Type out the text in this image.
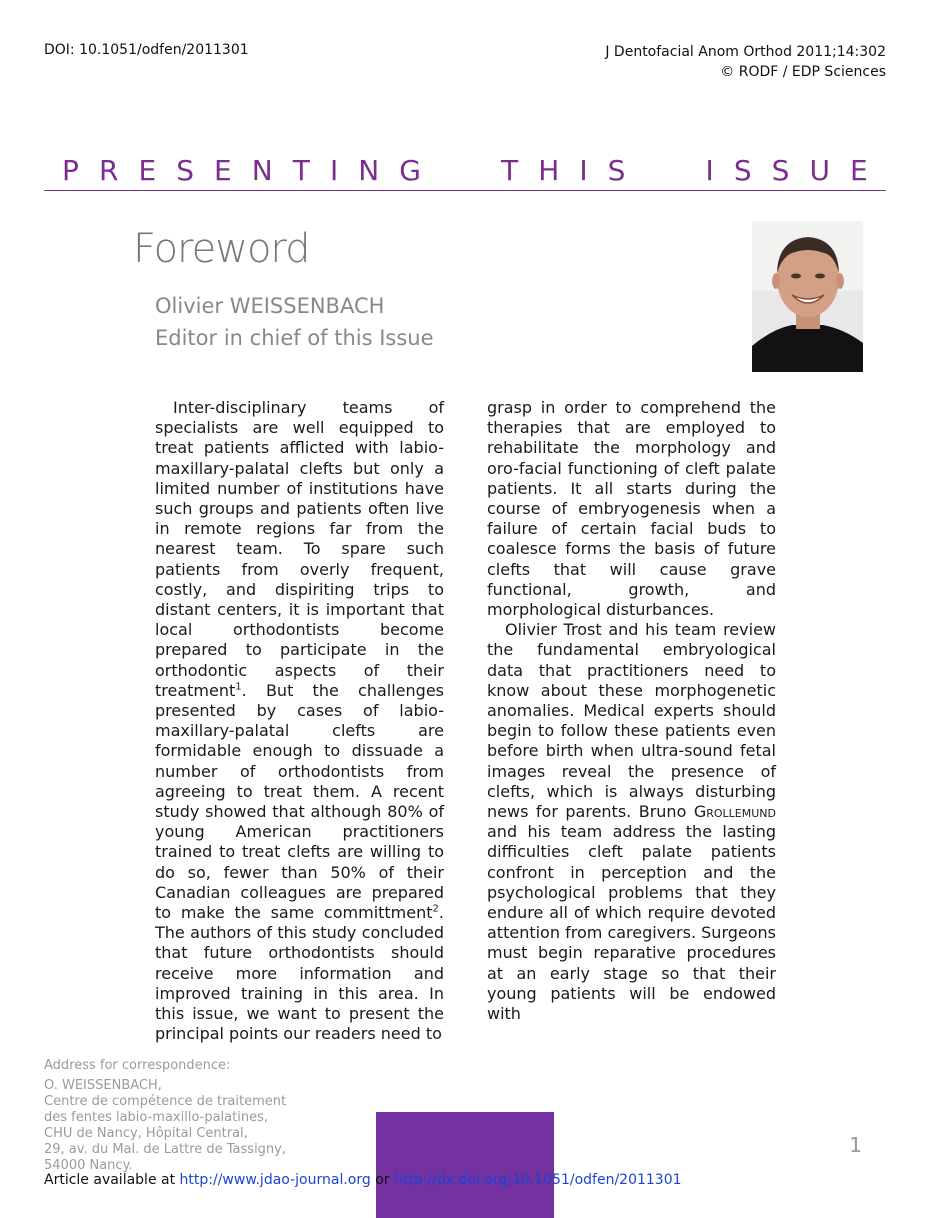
DOI: 10.1051/odfen/2011301	J Dentofacial Anom Orthod 2011;14:302
© RODF / EDP Sciences
P R E S E N T I N G	T H I S	I S S U E
Foreword
Olivier WEISSENBACH
Editor in chief of this Issue

Inter-disciplinary teams of specialists are well equipped to treat patients afflicted with labio-maxillary-palatal clefts but only a limited number of institutions have such groups and patients often live in remote regions far from the nearest team. To spare such patients from overly frequent, costly, and dispiriting trips to distant centers, it is important that local orthodontists become prepared to participate in the orthodontic aspects of their treatment$^1$. But the challenges presented by cases of labio-maxillary-palatal clefts are formidable enough to dissuade a number of orthodontists from agreeing to treat them. A recent study showed that although 80% of young American practitioners trained to treat clefts are willing to do so, fewer than 50% of their Canadian colleagues are prepared to make the same committment$^2$. The authors of this study concluded that future orthodontists should receive more information and improved training in this area. In this issue, we want to present the principal points our readers need to

grasp in order to comprehend the therapies that are employed to rehabilitate the morphology and oro-facial functioning of cleft palate patients. It all starts during the course of embryogenesis when a failure of certain facial buds to coalesce forms the basis of future clefts that will cause grave functional, growth, and morphological disturbances.

Olivier Trost and his team review the fundamental embryological data that practitioners need to know about these morphogenetic anomalies. Medical experts should begin to follow these patients even before birth when ultra-sound fetal images reveal the presence of clefts, which is always disturbing news for parents. Bruno Grollemund and his team address the lasting difficulties cleft palate patients confront in perception and the psychological problems that they endure all of which require devoted attention from caregivers. Surgeons must begin reparative procedures at an early stage so that their young patients will be endowed with

Address for correspondence:
O. WEISSENBACH,
Centre de compétence de traitement
des fentes labio-maxillo-palatines,
CHU de Nancy, Hôpital Central,
29, av. du Mal. de Lattre de Tassigny,
54000 Nancy.
1
Article available at http://www.jdao-journal.org or http://dx.doi.org/10.1051/odfen/2011301
